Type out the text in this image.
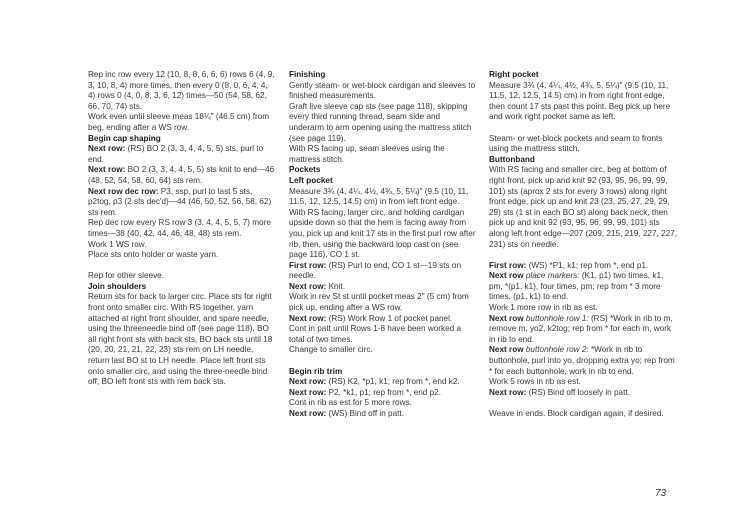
Rep inc row every 12 (10, 8, 8, 6, 6, 6) rows 6 (4, 9, 3, 10, 8, 4) more times, then every 0 (8, 0, 6, 4, 4, 4) rows 0 (4, 0, 8, 3, 6, 12) times—50 (54, 58, 62, 66, 70, 74) sts.

Work even until sleeve meas 18¼" (46.5 cm) from beg, ending after a WS row.

Begin cap shaping

Next row: (RS) BO 2 (3, 3, 4, 4, 5, 5) sts, purl to end.

Next row: BO 2 (3, 3, 4, 4, 5, 5) sts knit to end—46 (48, 52, 54, 58, 60, 64) sts rem.

Next row dec row: P3, ssp, purl to last 5 sts, p2tog, p3 (2 sts dec'd)—44 (46, 50, 52, 56, 58, 62) sts rem.

Rep dec row every RS row 3 (3, 4, 4, 5, 5, 7) more times—38 (40, 42, 44, 46, 48, 48) sts rem.

Work 1 WS row.

Place sts onto holder or waste yarn.

Rep for other sleeve.

Join shoulders

Return sts for back to larger circ. Place sts for right front onto smaller circ. With RS together, yarn attached at right front shoulder, and spare needle, using the threeneedle bind off (see page 118), BO all right front sts with back sts, BO back sts until 18 (20, 20, 21, 21, 22, 23) sts rem on LH needle, return last BO st to LH needle. Place left front sts onto smaller circ, and using the three-needle bind off, BO left front sts with rem back sts.

Finishing

Gently steam- or wet-block cardigan and sleeves to finished measurements.

Graft live sleeve cap sts (see page 118), skipping every third running thread, seam side and underarm to arm opening using the mattress stitch (see page 119).

With RS facing up, seam sleeves using the mattress stitch.

Pockets

Left pocket

Measure 3¾ (4, 4¼, 4½, 4¾, 5, 5¼)" (9.5 (10, 11, 11.5, 12, 12.5, 14.5) cm) in from left front edge. With RS facing, larger circ, and holding cardigan upside down so that the hem is facing away from you, pick up and knit 17 sts in the first purl row after rib, then, using the backward loop cast on (see page 116), CO 1 st.

First row: (RS) Purl to end, CO 1 st—19 sts on needle.

Next row: Knit.

Work in rev St st until pocket meas 2" (5 cm) from pick up, ending after a WS row.

Next row: (RS) Work Row 1 of pocket panel.

Cont in patt until Rows 1-8 have been worked a total of two times.

Change to smaller circ.

Begin rib trim

Next row: (RS) K2, *p1, k1; rep from *, end k2.

Next row: P2, *k1, p1; rep from *, end p2.

Cont in rib as est for 5 more rows.

Next row: (WS) Bind off in patt.

Right pocket

Measure 3¾ (4, 4¼, 4½, 4¾, 5, 5¼)" (9.5 (10, 11, 11.5, 12, 12.5, 14.5) cm) in from right front edge, then count 17 sts past this point. Beg pick up here and work right pocket same as left.

Steam- or wet-block pockets and seam to fronts using the mattress stitch.

Buttonband

With RS facing and smaller circ, beg at bottom of right front, pick up and knit 92 (93, 95, 96, 99, 99, 101) sts (aprox 2 sts for every 3 rows) along right front edge, pick up and knit 23 (23, 25, 27, 29, 29, 29) sts (1 st in each BO st) along back neck, then pick up and knit 92 (93, 95, 96, 99, 99, 101) sts along left front edge—207 (209, 215, 219, 227, 227, 231) sts on needle.

First row: (WS) *P1, k1; rep from *, end p1.

Next row place markers: (K1, p1) two times, k1, pm, *(p1, k1), four times, pm; rep from * 3 more times, (p1, k1) to end.

Work 1 more row in rib as est.

Next row buttonhole row 1: (RS) *Work in rib to m, remove m, yo2, k2tog; rep from * for each m, work in rib to end.

Next row buttonhole row 2: *Work in rib to buttonhole, purl into yo, dropping extra yo; rep from * for each buttonhole, work in rib to end.

Work 5 rows in rib as est.

Next row: (RS) Bind off loosely in patt.

Weave in ends. Block cardigan again, if desired.

73
